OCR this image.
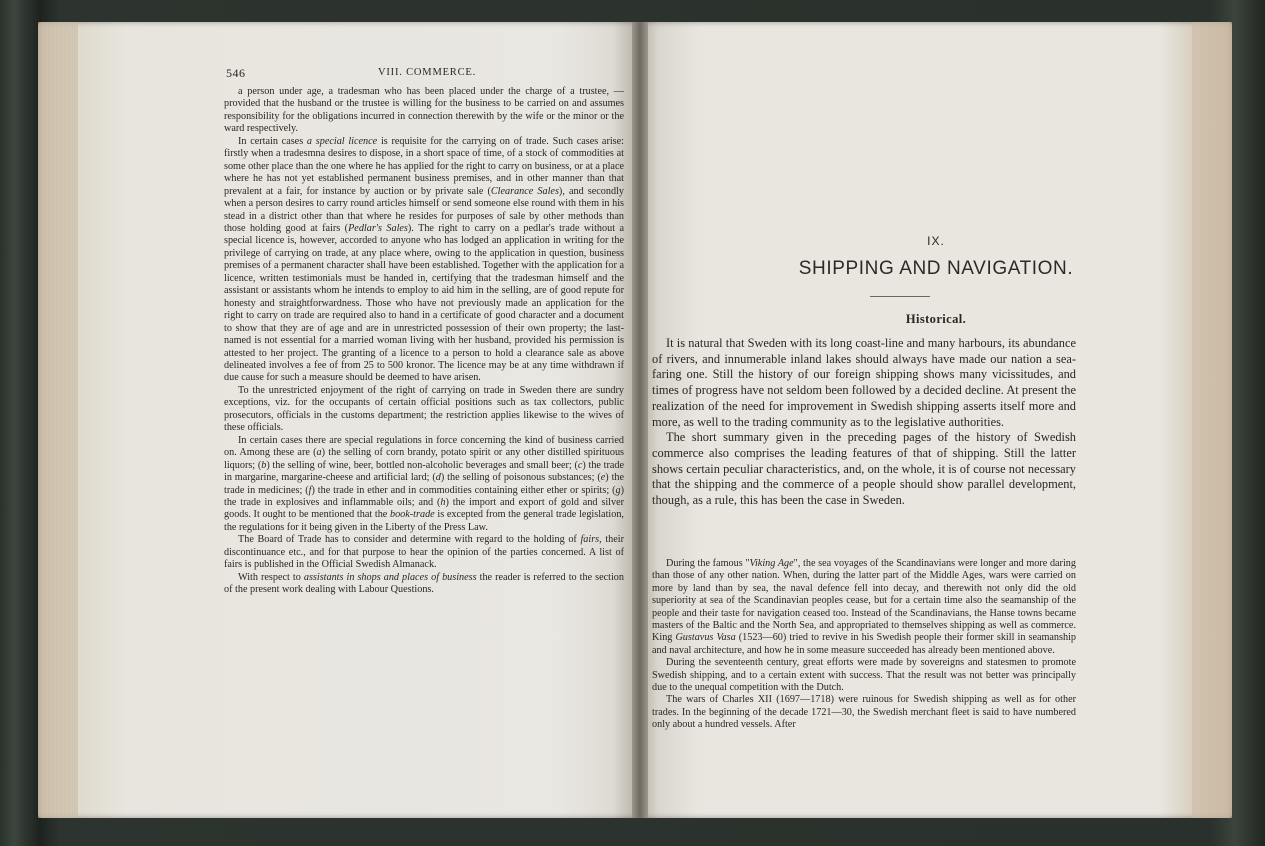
546	VIII. COMMERCE.

a person under age, a tradesman who has been placed under the charge of a trustee, — provided that the husband or the trustee is willing for the business to be carried on and assumes responsibility for the obligations incurred in connection therewith by the wife or the minor or the ward respectively.

In certain cases a special licence is requisite for the carrying on of trade. Such cases arise: firstly when a tradesmna desires to dispose, in a short space of time, of a stock of commodities at some other place than the one where he has applied for the right to carry on business, or at a place where he has not yet established permanent business premises, and in other manner than that prevalent at a fair, for instance by auction or by private sale (Clearance Sales), and secondly when a person desires to carry round articles himself or send someone else round with them in his stead in a district other than that where he resides for purposes of sale by other methods than those holding good at fairs (Pedlar's Sales). The right to carry on a pedlar's trade without a special licence is, however, accorded to anyone who has lodged an application in writing for the privilege of carrying on trade, at any place where, owing to the application in question, business premises of a permanent character shall have been established. Together with the application for a licence, written testimonials must be handed in, certifying that the tradesman himself and the assistant or assistants whom he intends to employ to aid him in the selling, are of good repute for honesty and straightforwardness. Those who have not previously made an application for the right to carry on trade are required also to hand in a certificate of good character and a document to show that they are of age and are in unrestricted possession of their own property; the last-named is not essential for a married woman living with her husband, provided his permission is attested to her project. The granting of a licence to a person to hold a clearance sale as above delineated involves a fee of from 25 to 500 kronor. The licence may be at any time withdrawn if due cause for such a measure should be deemed to have arisen.

To the unrestricted enjoyment of the right of carrying on trade in Sweden there are sundry exceptions, viz. for the occupants of certain official positions such as tax collectors, public prosecutors, officials in the customs department; the restriction applies likewise to the wives of these officials.

In certain cases there are special regulations in force concerning the kind of business carried on. Among these are (a) the selling of corn brandy, potato spirit or any other distilled spirituous liquors; (b) the selling of wine, beer, bottled non-alcoholic beverages and small beer; (c) the trade in margarine, margarine-cheese and artificial lard; (d) the selling of poisonous substances; (e) the trade in medicines; (f) the trade in ether and in commodities containing either ether or spirits; (g) the trade in explosives and inflammable oils; and (h) the import and export of gold and silver goods. It ought to be mentioned that the book-trade is excepted from the general trade legislation, the regulations for it being given in the Liberty of the Press Law.

The Board of Trade has to consider and determine with regard to the holding of fairs, their discontinuance etc., and for that purpose to hear the opinion of the parties concerned. A list of fairs is published in the Official Swedish Almanack.

With respect to assistants in shops and places of business the reader is referred to the section of the present work dealing with Labour Questions.

IX.
SHIPPING AND NAVIGATION.
Historical.

It is natural that Sweden with its long coast-line and many harbours, its abundance of rivers, and innumerable inland lakes should always have made our nation a sea-faring one. Still the history of our foreign shipping shows many vicissitudes, and times of progress have not seldom been followed by a decided decline. At present the realization of the need for improvement in Swedish shipping asserts itself more and more, as well to the trading community as to the legislative authorities.

The short summary given in the preceding pages of the history of Swedish commerce also comprises the leading features of that of shipping. Still the latter shows certain peculiar characteristics, and, on the whole, it is of course not necessary that the shipping and the commerce of a people should show parallel development, though, as a rule, this has been the case in Sweden.

During the famous "Viking Age", the sea voyages of the Scandinavians were longer and more daring than those of any other nation. When, during the latter part of the Middle Ages, wars were carried on more by land than by sea, the naval defence fell into decay, and therewith not only did the old superiority at sea of the Scandinavian peoples cease, but for a certain time also the seamanship of the people and their taste for navigation ceased too. Instead of the Scandinavians, the Hanse towns became masters of the Baltic and the North Sea, and appropriated to themselves shipping as well as commerce. King Gustavus Vasa (1523—60) tried to revive in his Swedish people their former skill in seamanship and naval architecture, and how he in some measure succeeded has already been mentioned above.

During the seventeenth century, great efforts were made by sovereigns and statesmen to promote Swedish shipping, and to a certain extent with success. That the result was not better was principally due to the unequal competition with the Dutch.

The wars of Charles XII (1697—1718) were ruinous for Swedish shipping as well as for other trades. In the beginning of the decade 1721—30, the Swedish merchant fleet is said to have numbered only about a hundred vessels. After
